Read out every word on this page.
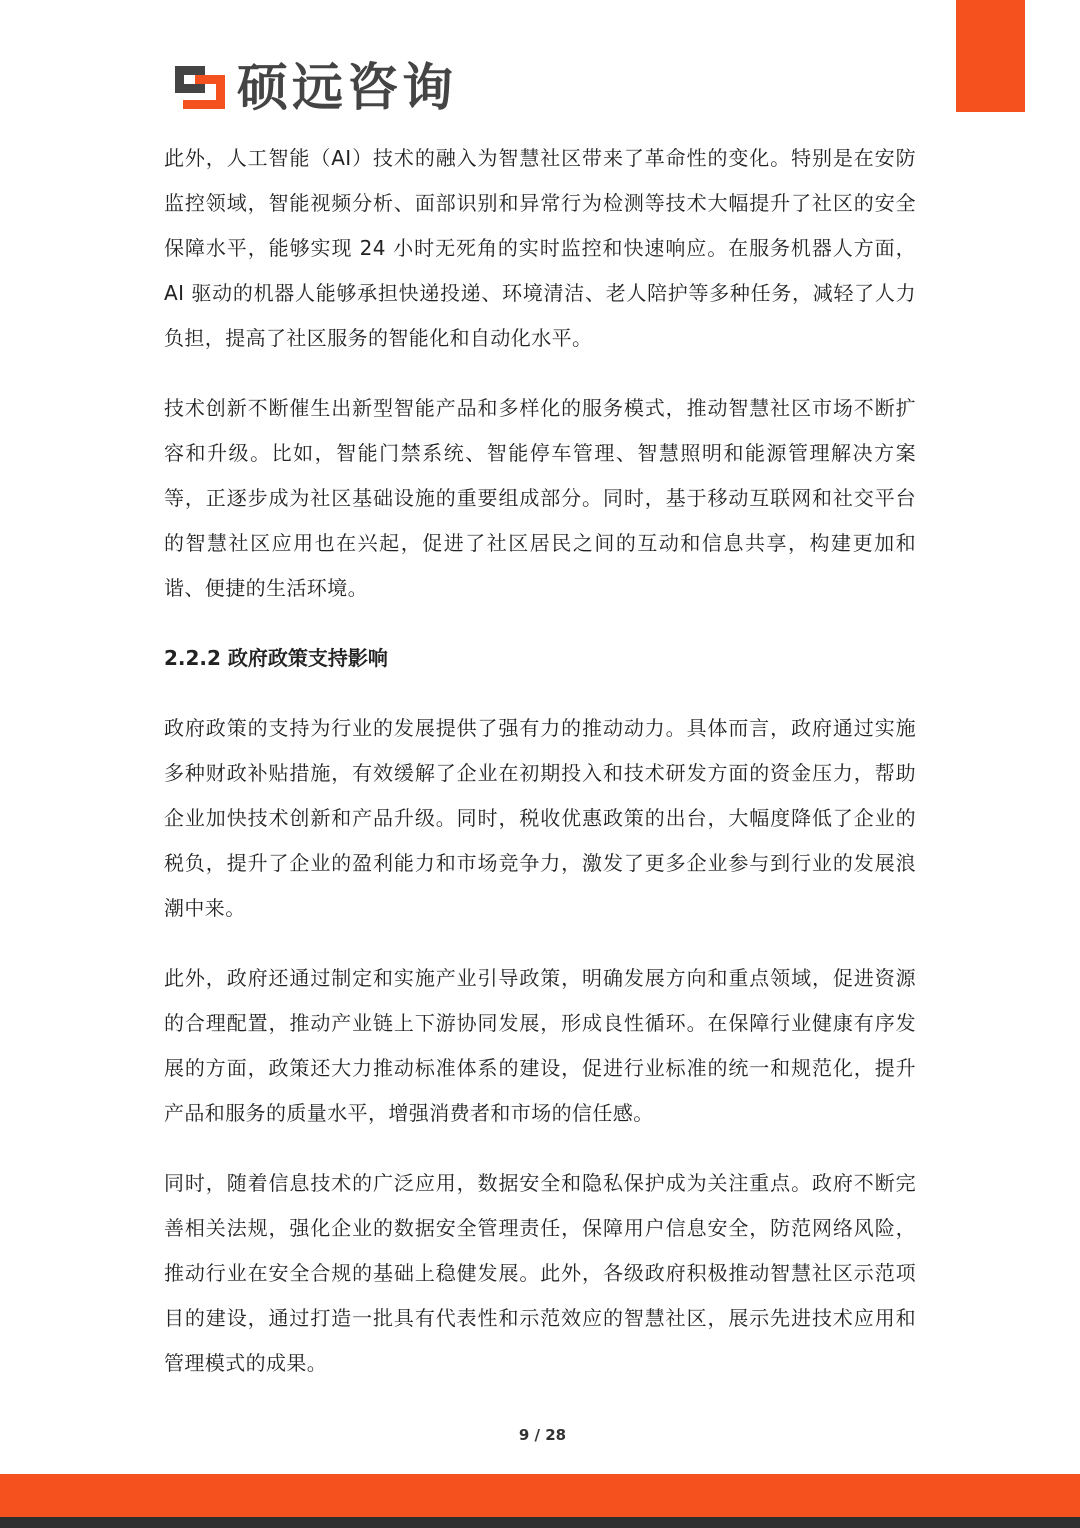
硕远咨询

此外，人工智能（AI）技术的融入为智慧社区带来了革命性的变化。特别是在安防监控领域，智能视频分析、面部识别和异常行为检测等技术大幅提升了社区的安全保障水平，能够实现 24 小时无死角的实时监控和快速响应。在服务机器人方面，AI 驱动的机器人能够承担快递投递、环境清洁、老人陪护等多种任务，减轻了人力负担，提高了社区服务的智能化和自动化水平。

技术创新不断催生出新型智能产品和多样化的服务模式，推动智慧社区市场不断扩容和升级。比如，智能门禁系统、智能停车管理、智慧照明和能源管理解决方案等，正逐步成为社区基础设施的重要组成部分。同时，基于移动互联网和社交平台的智慧社区应用也在兴起，促进了社区居民之间的互动和信息共享，构建更加和谐、便捷的生活环境。

2.2.2 政府政策支持影响

政府政策的支持为行业的发展提供了强有力的推动动力。具体而言，政府通过实施多种财政补贴措施，有效缓解了企业在初期投入和技术研发方面的资金压力，帮助企业加快技术创新和产品升级。同时，税收优惠政策的出台，大幅度降低了企业的税负，提升了企业的盈利能力和市场竞争力，激发了更多企业参与到行业的发展浪潮中来。

此外，政府还通过制定和实施产业引导政策，明确发展方向和重点领域，促进资源的合理配置，推动产业链上下游协同发展，形成良性循环。在保障行业健康有序发展的方面，政策还大力推动标准体系的建设，促进行业标准的统一和规范化，提升产品和服务的质量水平，增强消费者和市场的信任感。

同时，随着信息技术的广泛应用，数据安全和隐私保护成为关注重点。政府不断完善相关法规，强化企业的数据安全管理责任，保障用户信息安全，防范网络风险，推动行业在安全合规的基础上稳健发展。此外，各级政府积极推动智慧社区示范项目的建设，通过打造一批具有代表性和示范效应的智慧社区，展示先进技术应用和管理模式的成果。

9 / 28
